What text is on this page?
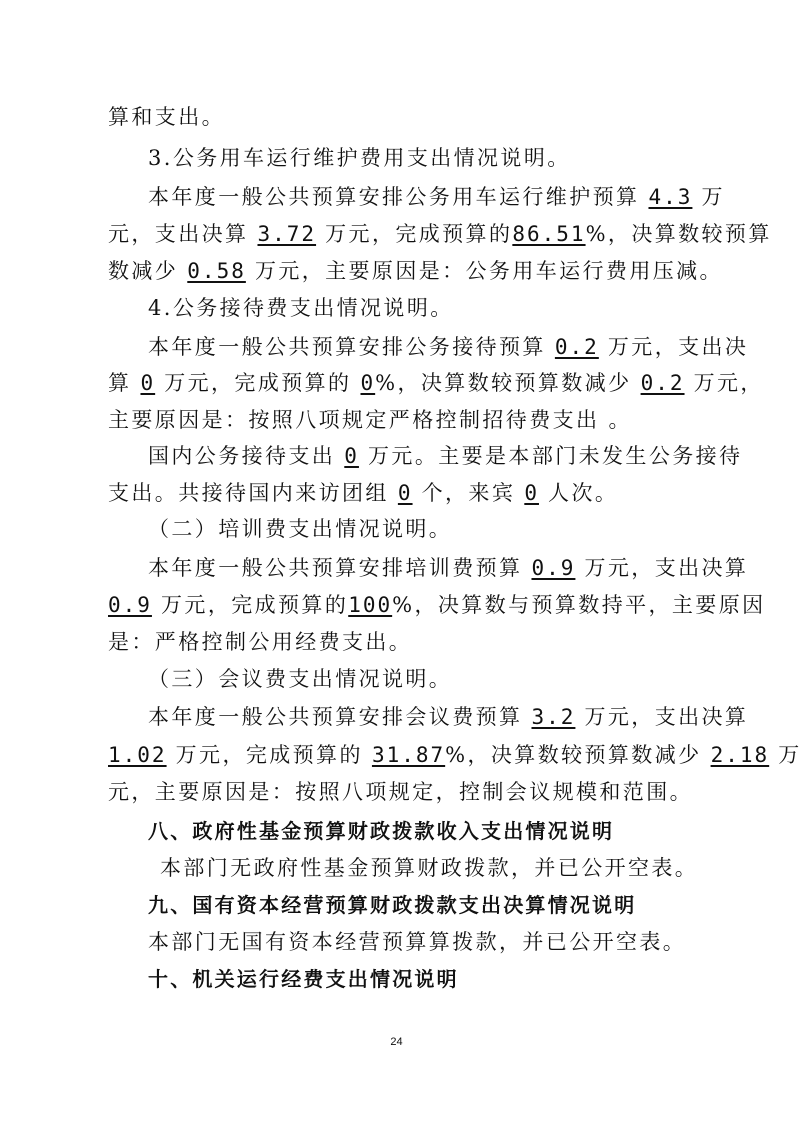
算和支出。
3.公务用车运行维护费用支出情况说明。
本年度一般公共预算安排公务用车运行维护预算 4.3 万
元，支出决算 3.72 万元，完成预算的86.51%，决算数较预算
数减少 0.58 万元，主要原因是：公务用车运行费用压减。
4.公务接待费支出情况说明。
本年度一般公共预算安排公务接待预算 0.2 万元，支出决
算 0 万元，完成预算的 0%，决算数较预算数减少 0.2 万元，
主要原因是：按照八项规定严格控制招待费支出 。
国内公务接待支出 0 万元。主要是本部门未发生公务接待
支出。共接待国内来访团组 0 个，来宾 0 人次。
（二）培训费支出情况说明。
本年度一般公共预算安排培训费预算 0.9 万元，支出决算
0.9 万元，完成预算的100%，决算数与预算数持平，主要原因
是：严格控制公用经费支出。
（三）会议费支出情况说明。
本年度一般公共预算安排会议费预算 3.2 万元，支出决算
1.02 万元，完成预算的 31.87%，决算数较预算数减少 2.18 万
元，主要原因是：按照八项规定，控制会议规模和范围。
八、政府性基金预算财政拨款收入支出情况说明
本部门无政府性基金预算财政拨款，并已公开空表。
九、国有资本经营预算财政拨款支出决算情况说明
本部门无国有资本经营预算算拨款，并已公开空表。
十、机关运行经费支出情况说明
24
